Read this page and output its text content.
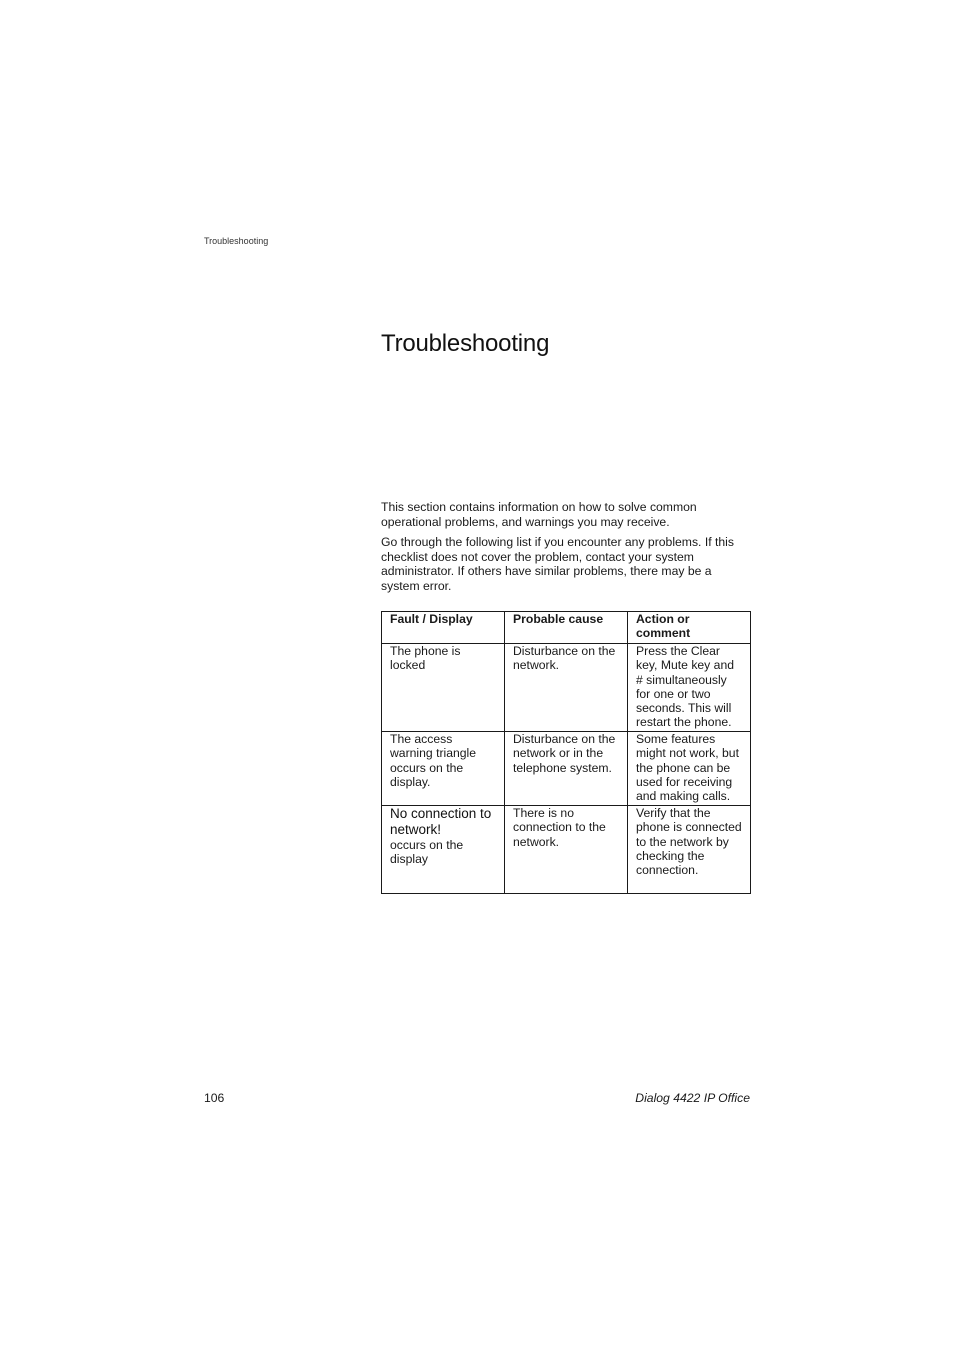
Troubleshooting
Troubleshooting

This section contains information on how to solve common operational problems, and warnings you may receive.

Go through the following list if you encounter any problems. If this checklist does not cover the problem, contact your system administrator. If others have similar problems, there may be a system error.

Fault / Display	Probable cause	Action or comment
The phone is locked	Disturbance on the network.	Press the Clear key, Mute key and # simultaneously for one or two seconds. This will restart the phone.
The access warning triangle occurs on the display.	Disturbance on the network or in the telephone system.	Some features might not work, but the phone can be used for receiving and making calls.

No connection to network!
occurs on the display	There is no connection to the network.	Verify that the phone is connected to the network by checking the connection.
106	Dialog 4422 IP Office
